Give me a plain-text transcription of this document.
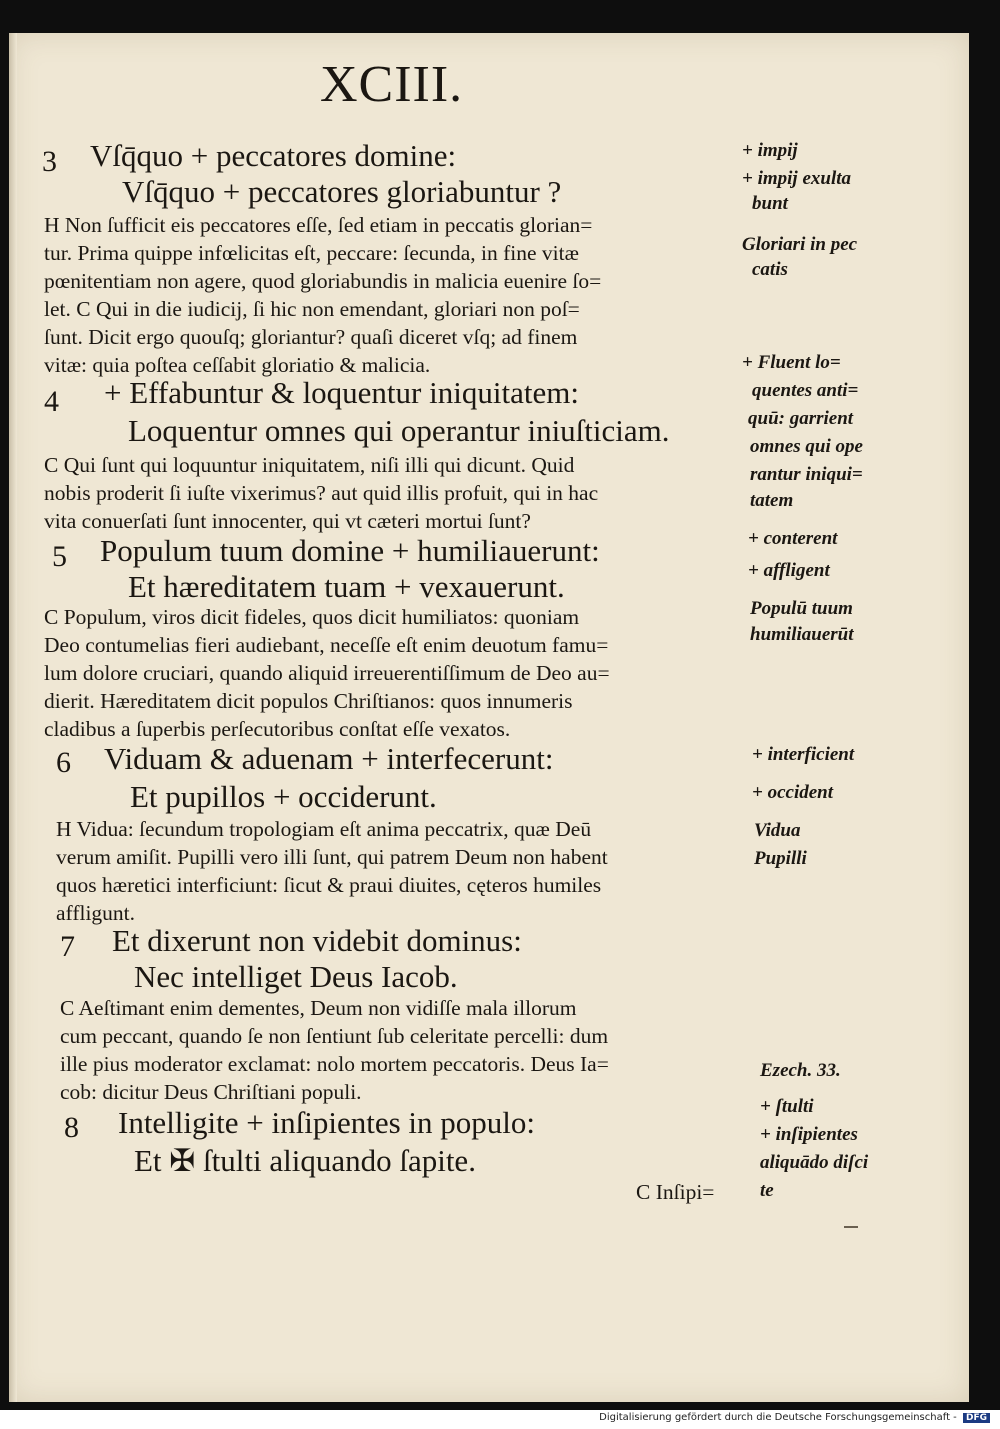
XCIII.
3 Vſq̄quo + peccatores domine:
Vſq̄quo + peccatores gloriabuntur ?
H Non ſufficit eis peccatores eſſe, ſed etiam in peccatis glorian=
tur. Prima quippe infœlicitas eſt, peccare: ſecunda, in fine vitæ
pœnitentiam non agere, quod gloriabundis in malicia euenire ſo=
let. C Qui in die iudicij, ſi hic non emendant, gloriari non poſ=
ſunt. Dicit ergo quouſq; gloriantur? quaſi diceret vſq; ad finem
vitæ: quia poſtea ceſſabit gloriatio & malicia.
4 + Effabuntur & loquentur iniquitatem:
Loquentur omnes qui operantur iniuſticiam.
C Qui ſunt qui loquuntur iniquitatem, niſi illi qui dicunt. Quid
nobis proderit ſi iuſte vixerimus? aut quid illis profuit, qui in hac
vita conuerſati ſunt innocenter, qui vt cæteri mortui ſunt?
5 Populum tuum domine + humiliauerunt:
Et hæreditatem tuam + vexauerunt.
C Populum, viros dicit fideles, quos dicit humiliatos: quoniam
Deo contumelias fieri audiebant, neceſſe eſt enim deuotum famu=
lum dolore cruciari, quando aliquid irreuerentiſſimum de Deo au=
dierit. Hæreditatem dicit populos Chriſtianos: quos innumeris
cladibus a ſuperbis perſecutoribus conſtat eſſe vexatos.
6 Viduam & aduenam + interfecerunt:
Et pupillos + occiderunt.
H Vidua: ſecundum tropologiam eſt anima peccatrix, quæ Deū
verum amiſit. Pupilli vero illi ſunt, qui patrem Deum non habent
quos hæretici interficiunt: ſicut & praui diuites, cęteros humiles
affligunt.
7 Et dixerunt non videbit dominus:
Nec intelliget Deus Iacob.
C Aeſtimant enim dementes, Deum non vidiſſe mala illorum
cum peccant, quando ſe non ſentiunt ſub celeritate percelli: dum
ille pius moderator exclamat: nolo mortem peccatoris. Deus Ia=
cob: dicitur Deus Chriſtiani populi.
8 Intelligite + inſipientes in populo:
Et ✠ ſtulti aliquando ſapite.
C Inſipi=
+ impij
+ impij exulta
bunt
Gloriari in pec
catis
+ Fluent lo=
quentes anti=
quū: garrient
omnes qui ope
rantur iniqui=
tatem
+ conterent
+ affligent
Populū tuum
humiliauerūt
+ interficient
+ occident
Vidua
Pupilli
Ezech. 33.
+ ſtulti
+ inſipientes
aliquādo diſci
te
Digitalisierung gefördert durch die Deutsche Forschungsgemeinschaft - DFG
